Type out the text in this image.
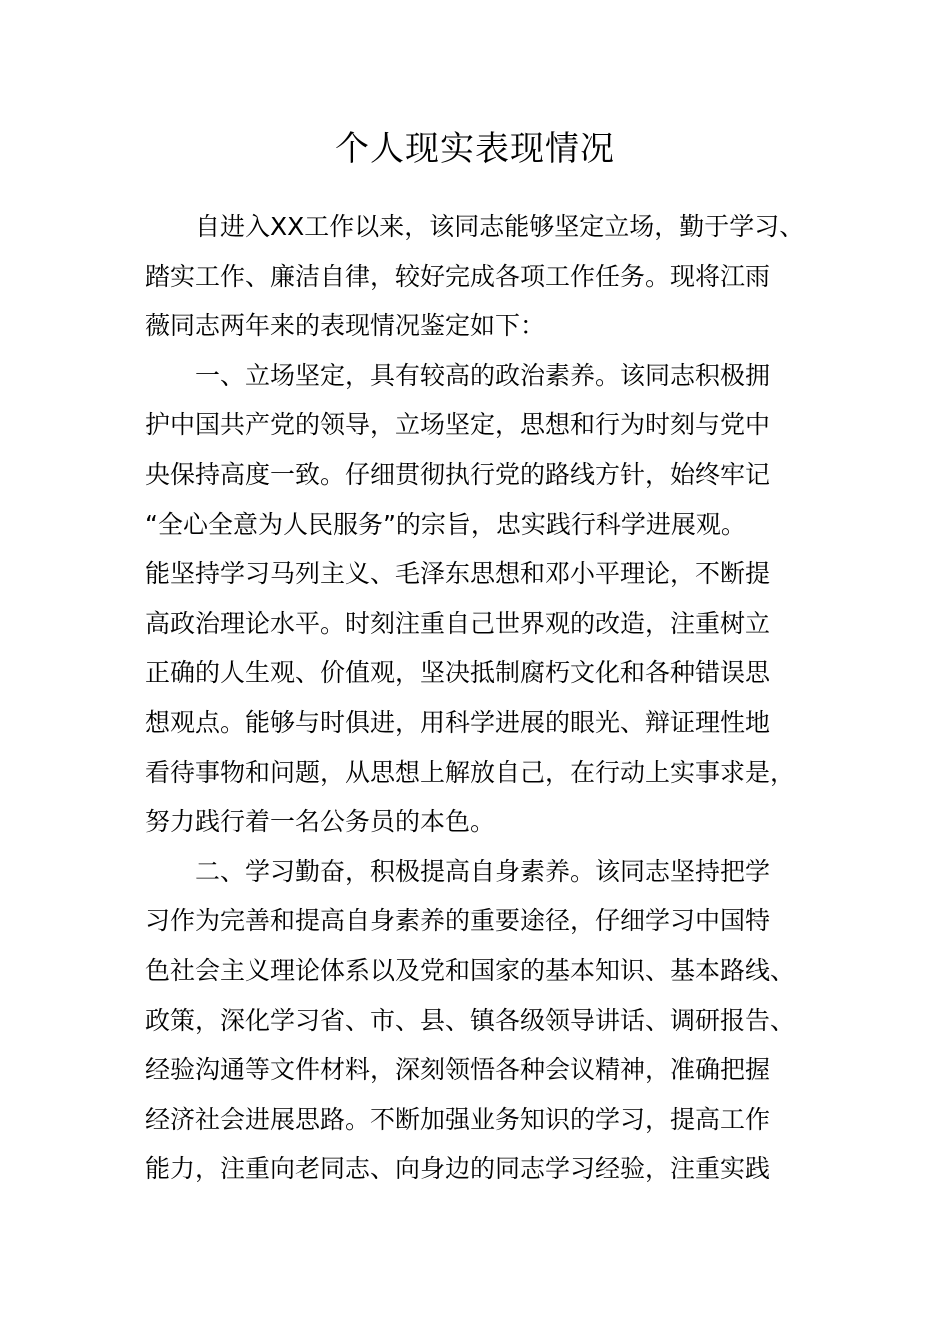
个人现实表现情况
自进入XX工作以来，该同志能够坚定立场，勤于学习、
踏实工作、廉洁自律，较好完成各项工作任务。现将江雨
薇同志两年来的表现情况鉴定如下：
一、立场坚定，具有较高的政治素养。该同志积极拥
护中国共产党的领导，立场坚定，思想和行为时刻与党中
央保持高度一致。仔细贯彻执行党的路线方针，始终牢记
“全心全意为人民服务”的宗旨，忠实践行科学进展观。
能坚持学习马列主义、毛泽东思想和邓小平理论，不断提
高政治理论水平。时刻注重自己世界观的改造，注重树立
正确的人生观、价值观，坚决抵制腐朽文化和各种错误思
想观点。能够与时俱进，用科学进展的眼光、辩证理性地
看待事物和问题，从思想上解放自己，在行动上实事求是，
努力践行着一名公务员的本色。
二、学习勤奋，积极提高自身素养。该同志坚持把学
习作为完善和提高自身素养的重要途径，仔细学习中国特
色社会主义理论体系以及党和国家的基本知识、基本路线、
政策，深化学习省、市、县、镇各级领导讲话、调研报告、
经验沟通等文件材料，深刻领悟各种会议精神，准确把握
经济社会进展思路。不断加强业务知识的学习，提高工作
能力，注重向老同志、向身边的同志学习经验，注重实践
